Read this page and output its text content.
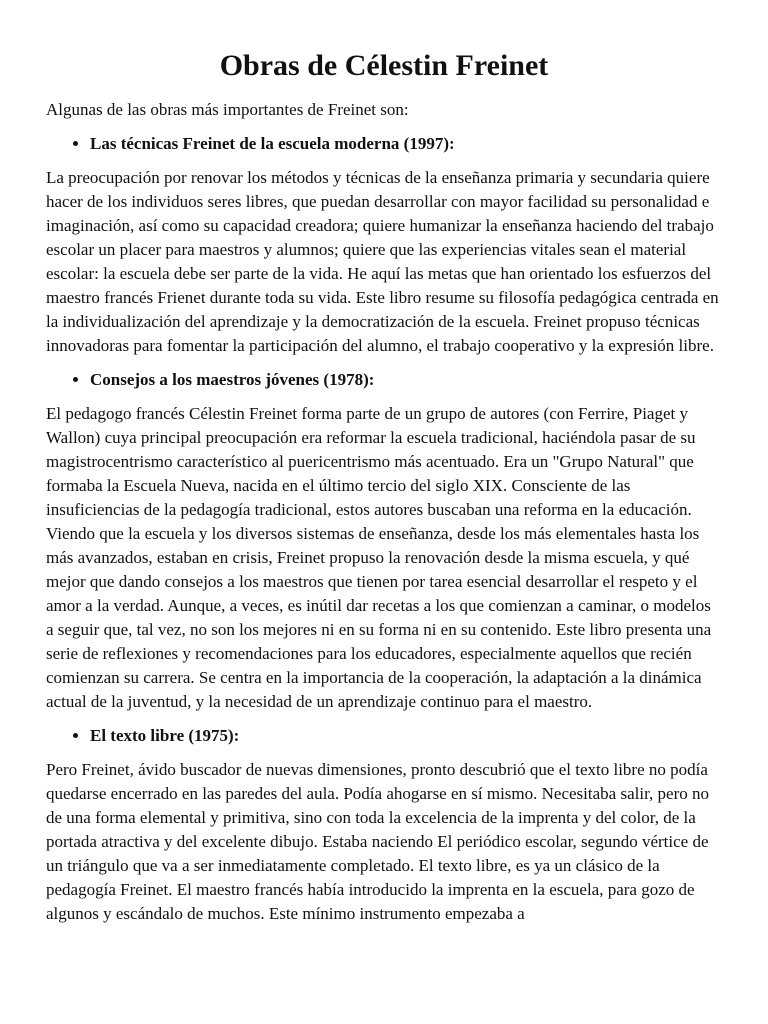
Obras de Célestin Freinet

Algunas de las obras más importantes de Freinet son:

• Las técnicas Freinet de la escuela moderna (1997):

La preocupación por renovar los métodos y técnicas de la enseñanza primaria y secundaria quiere hacer de los individuos seres libres, que puedan desarrollar con mayor facilidad su personalidad e imaginación, así como su capacidad creadora; quiere humanizar la enseñanza haciendo del trabajo escolar un placer para maestros y alumnos; quiere que las experiencias vitales sean el material escolar: la escuela debe ser parte de la vida. He aquí las metas que han orientado los esfuerzos del maestro francés Frienet durante toda su vida. Este libro resume su filosofía pedagógica centrada en la individualización del aprendizaje y la democratización de la escuela. Freinet propuso técnicas innovadoras para fomentar la participación del alumno, el trabajo cooperativo y la expresión libre.

• Consejos a los maestros jóvenes (1978):

El pedagogo francés Célestin Freinet forma parte de un grupo de autores (con Ferrire, Piaget y Wallon) cuya principal preocupación era reformar la escuela tradicional, haciéndola pasar de su magistrocentrismo característico al puericentrismo más acentuado. Era un "Grupo Natural" que formaba la Escuela Nueva, nacida en el último tercio del siglo XIX. Consciente de las insuficiencias de la pedagogía tradicional, estos autores buscaban una reforma en la educación. Viendo que la escuela y los diversos sistemas de enseñanza, desde los más elementales hasta los más avanzados, estaban en crisis, Freinet propuso la renovación desde la misma escuela, y qué mejor que dando consejos a los maestros que tienen por tarea esencial desarrollar el respeto y el amor a la verdad. Aunque, a veces, es inútil dar recetas a los que comienzan a caminar, o modelos a seguir que, tal vez, no son los mejores ni en su forma ni en su contenido. Este libro presenta una serie de reflexiones y recomendaciones para los educadores, especialmente aquellos que recién comienzan su carrera. Se centra en la importancia de la cooperación, la adaptación a la dinámica actual de la juventud, y la necesidad de un aprendizaje continuo para el maestro.

• El texto libre (1975):

Pero Freinet, ávido buscador de nuevas dimensiones, pronto descubrió que el texto libre no podía quedarse encerrado en las paredes del aula. Podía ahogarse en sí mismo. Necesitaba salir, pero no de una forma elemental y primitiva, sino con toda la excelencia de la imprenta y del color, de la portada atractiva y del excelente dibujo. Estaba naciendo El periódico escolar, segundo vértice de un triángulo que va a ser inmediatamente completado. El texto libre, es ya un clásico de la pedagogía Freinet. El maestro francés había introducido la imprenta en la escuela, para gozo de algunos y escándalo de muchos. Este mínimo instrumento empezaba a
